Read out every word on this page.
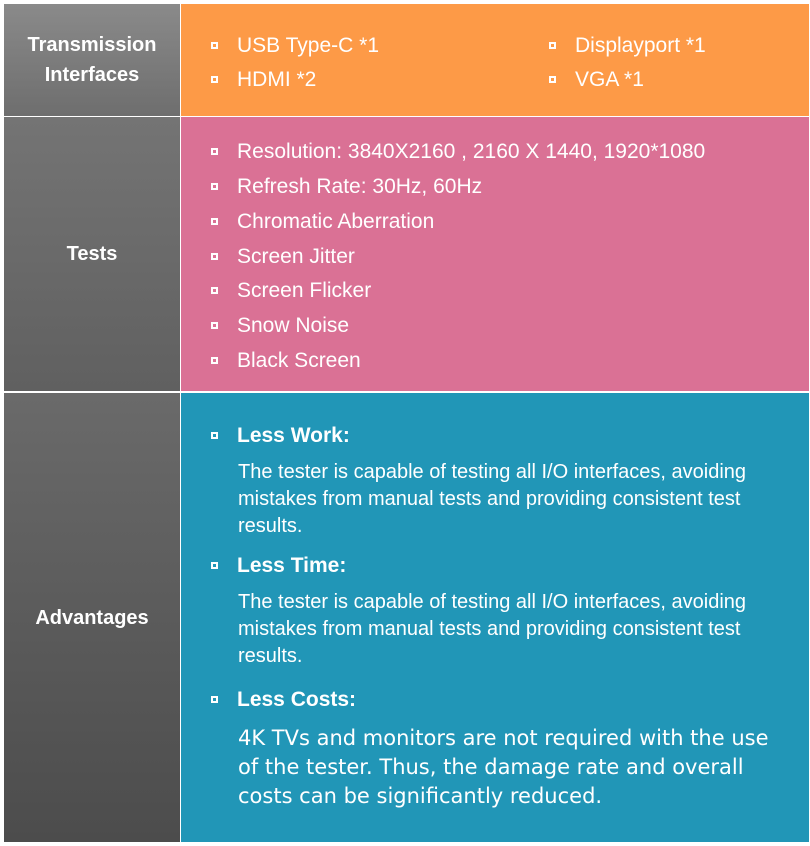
Transmission
Interfaces
USB Type-C *1	Displayport *1
HDMI *2	VGA *1
Tests
Resolution: 3840X2160 , 2160 X 1440, 1920*1080
Refresh Rate: 30Hz, 60Hz
Chromatic Aberration
Screen Jitter
Screen Flicker
Snow Noise
Black Screen
Advantages
Less Work:
The tester is capable of testing all I/O interfaces, avoiding mistakes from manual tests and providing consistent test results.
Less Time:
The tester is capable of testing all I/O interfaces, avoiding mistakes from manual tests and providing consistent test results.
Less Costs:
4K TVs and monitors are not required with the use of the tester. Thus, the damage rate and overall costs can be significantly reduced.
